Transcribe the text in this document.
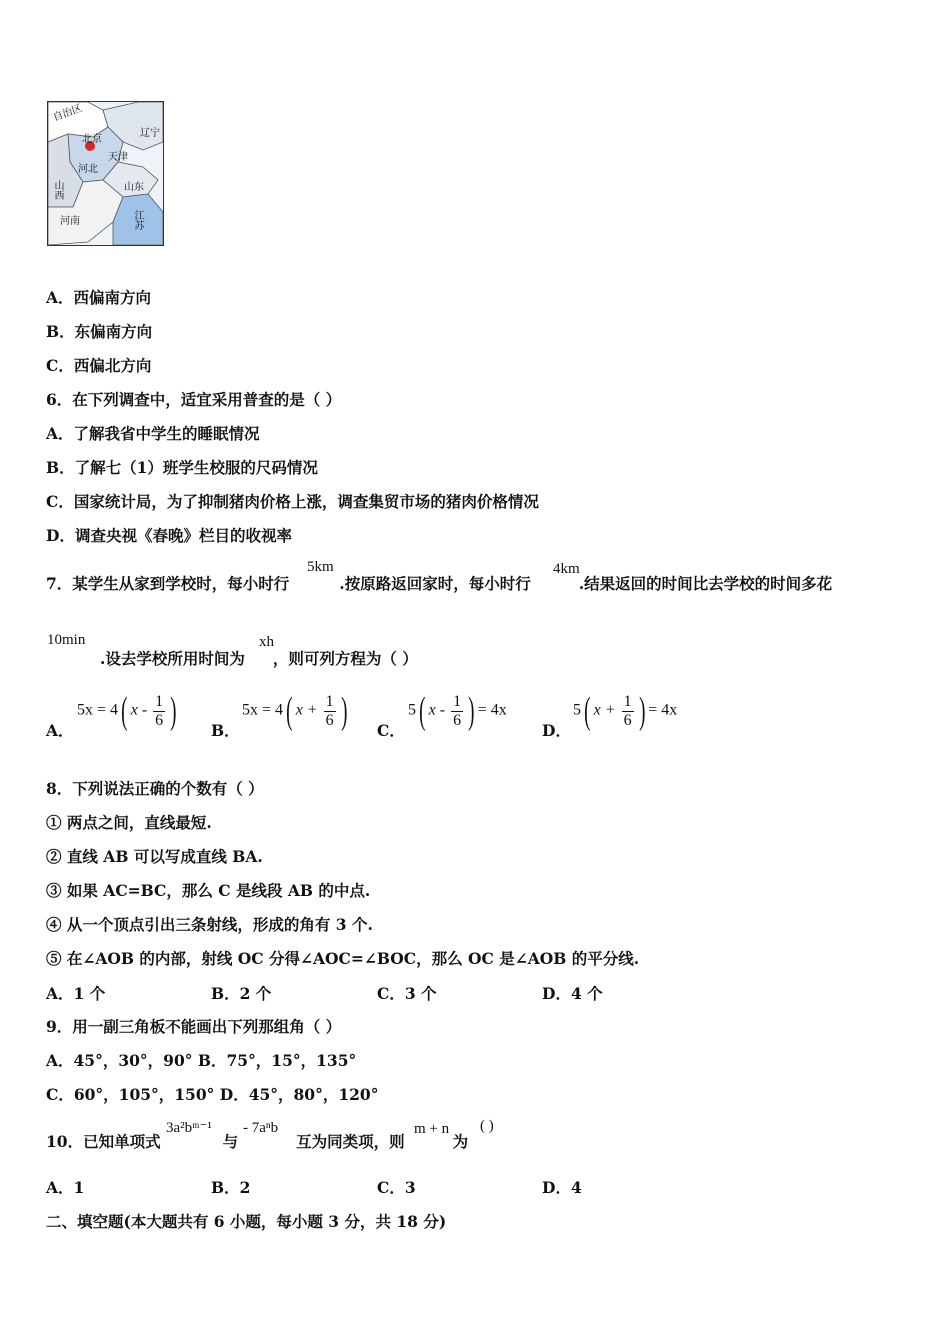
自治区
北京
辽宁
天津
河北
山西	山东
河南	江苏
A．西偏南方向
B．东偏南方向
C．西偏北方向
6．在下列调查中，适宜采用普查的是（ ）
A．了解我省中学生的睡眠情况
B．了解七（1）班学生校服的尺码情况
C．国家统计局，为了抑制猪肉价格上涨，调查集贸市场的猪肉价格情况
D．调查央视《春晚》栏目的收视率
7．某学生从家到学校时，每小时行	.按原路返回家时，每小时行	.结果返回的时间比去学校的时间多花
5km	4km
10min
.设去学校所用时间为 ，则可列方程为（ ）
xh
A．
5x = 4( x - $\frac{1}{6}$ ) B．
5x = 4( $x + \frac{1}{6}$ ) C．
5( x - $\frac{1}{6}$ ) = 4x
D．
5( $x + \frac{1}{6}$ ) = 4x
8．下列说法正确的个数有（ ）
① 两点之间，直线最短.
② 直线 AB 可以写成直线 BA.
③ 如果 AC=BC，那么 C 是线段 AB 的中点.
④ 从一个顶点引出三条射线，形成的角有 3 个.
⑤ 在∠AOB 的内部，射线 OC 分得∠AOC=∠BOC，那么 OC 是∠AOB 的平分线.
A．1 个	B．2 个	C．3 个	D．4 个
9．用一副三角板不能画出下列那组角（ ）
A．45°，30°，90° B．75°，15°，135°
C．60°，105°，150° D．45°，80°，120°
10．已知单项式	与	互为同类项，则	为
3a²bᵐ⁻¹ - 7aⁿb	m + n ( )
A．1	B．2	C．3	D．4
二、填空题(本大题共有 6 小题，每小题 3 分，共 18 分)
